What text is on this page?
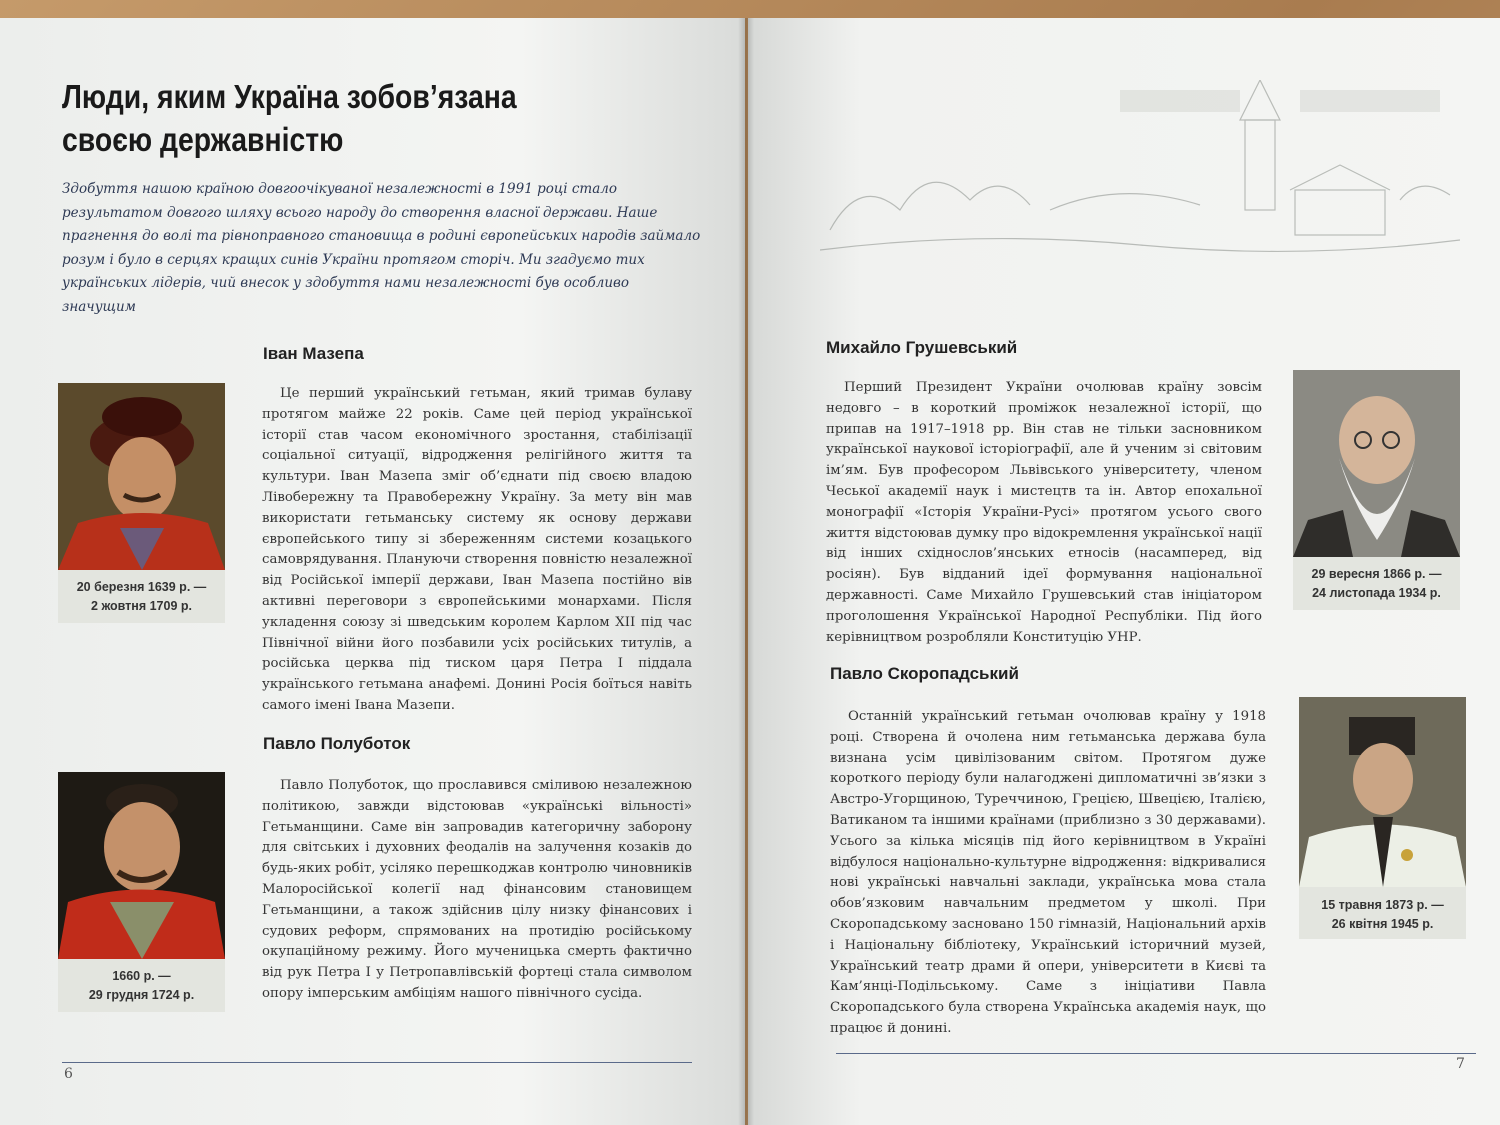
Люди, яким Україна зобов’язана
своєю державністю

Здобуття нашою країною довгоочікуваної незалежності в 1991 році стало результатом довгого шляху всього народу до створення власної держави. Наше прагнення до волі та рівноправного становища в родині європейських народів займало розум і було в серцях кращих синів України протягом сторіч. Ми згадуємо тих українських лідерів, чий внесок у здобуття нами незалежності був особливо значущим

Іван Мазепа
20 березня 1639 р. —
2 жовтня 1709 р.

Це перший український гетьман, який тримав булаву протягом майже 22 років. Саме цей період української історії став часом економічного зростання, стабілізації соціальної ситуації, відродження релігійного життя та культури. Іван Мазепа зміг об’єднати під своєю владою Лівобережну та Правобережну Україну. За мету він мав використати гетьманську систему як основу держави європейського типу зі збереженням системи козацького самоврядування. Плануючи створення повністю незалежної від Російської імперії держави, Іван Мазепа постійно вів активні переговори з європейськими монархами. Після укладення союзу зі шведським королем Карлом XII під час Північної війни його позбавили усіх російських титулів, а російська церква під тиском царя Петра І піддала українського гетьмана анафемі. Донині Росія боїться навіть самого імені Івана Мазепи.

Павло Полуботок
1660 р. —
29 грудня 1724 р.

Павло Полуботок, що прославився сміливою незалежною політикою, завжди відстоював «українські вільності» Гетьманщини. Саме він запровадив категоричну заборону для світських і духовних феодалів на залучення козаків до будь-яких робіт, усіляко перешкоджав контролю чиновників Малоросійської колегії над фінансовим становищем Гетьманщини, а також здійснив цілу низку фінансових і судових реформ, спрямованих на протидію російському окупаційному режиму. Його мученицька смерть фактично від рук Петра І у Петропавлівській фортеці стала символом опору імперським амбіціям нашого північного сусіда.

6
Михайло Грушевський
29 вересня 1866 р. —
24 листопада 1934 р.

Перший Президент України очолював країну зовсім недовго – в короткий проміжок незалежної історії, що припав на 1917–1918 рр. Він став не тільки засновником української наукової історіографії, але й ученим зі світовим ім’ям. Був професором Львівського університету, членом Чеської академії наук і мистецтв та ін. Автор епохальної монографії «Історія України-Русі» протягом усього свого життя відстоював думку про відокремлення української нації від інших східнослов’янських етносів (насамперед, від росіян). Був відданий ідеї формування національної державності. Саме Михайло Грушевський став ініціатором проголошення Української Народної Республіки. Під його керівництвом розробляли Конституцію УНР.

Павло Скоропадський
15 травня 1873 р. —
26 квітня 1945 р.

Останній український гетьман очолював країну у 1918 році. Створена й очолена ним гетьманська держава була визнана усім цивілізованим світом. Протягом дуже короткого періоду були налагоджені дипломатичні зв’язки з Австро-Угорщиною, Туреччиною, Грецією, Швецією, Італією, Ватиканом та іншими країнами (приблизно з 30 державами). Усього за кілька місяців під його керівництвом в Україні відбулося національно-культурне відродження: відкривалися нові українські навчальні заклади, українська мова стала обов’язковим навчальним предметом у школі. При Скоропадському засновано 150 гімназій, Національний архів і Національну бібліотеку, Український історичний музей, Український театр драми й опери, університети в Києві та Кам’янці-Подільському. Саме з ініціативи Павла Скоропадського була створена Українська академія наук, що працює й донині.

7
